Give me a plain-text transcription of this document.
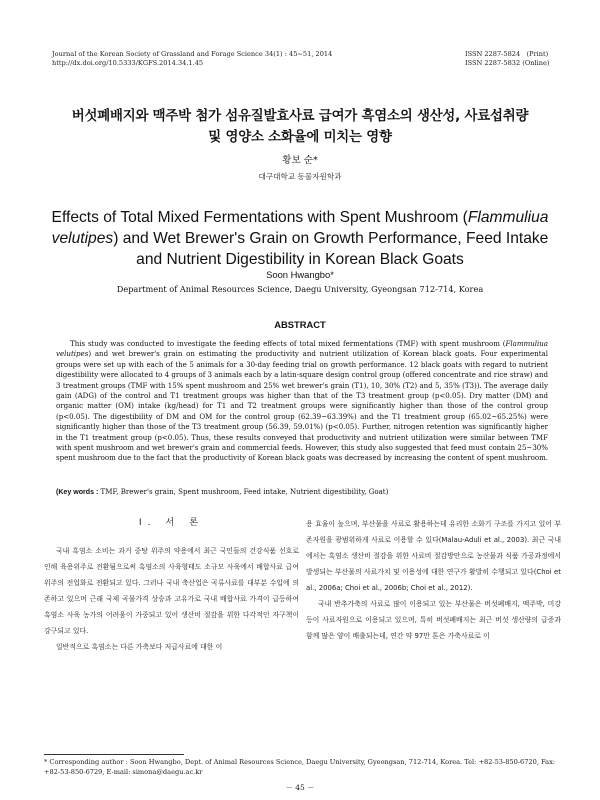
Journal of the Korean Society of Grassland and Forage Science 34(1) : 45~51, 2014
http://dx.doi.org/10.5333/KGFS.2014.34.1.45
ISSN 2287-5824   (Print)
ISSN 2287-5832 (Online)
버섯폐배지와 맥주박 첨가 섬유질발효사료 급여가 흑염소의 생산성, 사료섭취량
및 영양소 소화율에 미치는 영향
황보 순*
대구대학교 동물자원학과
Effects of Total Mixed Fermentations with Spent Mushroom (Flammuliua velutipes) and Wet Brewer's Grain on Growth Performance, Feed Intake and Nutrient Digestibility in Korean Black Goats
Soon Hwangbo*
Department of Animal Resources Science, Daegu University, Gyeongsan 712-714, Korea
ABSTRACT
This study was conducted to investigate the feeding effects of total mixed fermentations (TMF) with spent mushroom (Flammuliua velutipes) and wet brewer's grain on estimating the productivity and nutrient utilization of Korean black goats. Four experimental groups were set up with each of the 5 animals for a 30-day feeding trial on growth performance. 12 black goats with regard to nutrient digestibility were allocated to 4 groups of 3 animals each by a latin-square design control group (offered concentrate and rice straw) and 3 treatment groups (TMF with 15% spent mushroom and 25% wet brewer's grain (T1), 10, 30% (T2) and 5, 35% (T3)). The average daily gain (ADG) of the control and T1 treatment groups was higher than that of the T3 treatment group (p<0.05). Dry matter (DM) and organic matter (OM) intake (kg/head) for T1 and T2 treatment groups were significantly higher than those of the control group (p<0.05). The digestibility of DM and OM for the control group (62.39~63.39%) and the T1 treatment group (65.02~65.25%) were significantly higher than those of the T3 treatment group (56.39, 59.01%) (p<0.05). Further, nitrogen retention was significantly higher in the T1 treatment group (p<0.05). Thus, these results conveyed that productivity and nutrient utilization were similar between TMF with spent mushroom and wet brewer's grain and commercial feeds. However, this study also suggested that feed must contain 25~30% spent mushroom due to the fact that the productivity of Korean black goats was decreased by increasing the content of spent mushroom.
(Key words : TMF, Brewer's grain, Spent mushroom, Feed intake, Nutrient digestibility, Goat)
Ⅰ. 서 론

국내 흑염소 소비는 과거 중탕 위주의 약용에서 최근 국민들의 건강식품 선호로 인해 육용위주로 전환됨으로써 흑염소의 사육형태도 소규모 사육에서 배합사료 급여 위주의 전업화로 전환되고 있다. 그러나 국내 축산업은 곡류사료를 대부분 수입에 의존하고 있으며 근래 국제 곡물가격 상승과 고유가로 국내 배합사료 가격이 급등하여 흑염소 사육 농가의 어려움이 가중되고 있어 생산비 절감을 위한 다각적인 자구책이 강구되고 있다.

일반적으로 흑염소는 다른 가축보다 저급사료에 대한 이

용 효율이 높으며, 부산물을 사료로 활용하는데 유리한 소화기 구조를 가지고 있어 부존자원을 광범위하게 사료로 이용할 수 있다(Malau-Aduli et al., 2003). 최근 국내에서는 흑염소 생산비 절감을 위한 사료비 절감방안으로 농산물과 식품 가공과정에서 발생되는 부산물의 사료가치 및 이용성에 대한 연구가 활발히 수행되고 있다(Choi et al., 2006a; Choi et al., 2006b; Choi et al., 2012).

국내 반추가축의 사료로 많이 이용되고 있는 부산물은 버섯폐배지, 맥주박, 미강 등이 사료자원으로 이용되고 있으며, 특히 버섯폐배지는 최근 버섯 생산량의 급증과 함께 많은 양이 배출되는데, 연간 약 97만 톤은 가축사료로 이

* Corresponding author : Soon Hwangbo, Dept. of Animal Resources Science, Daegu University, Gyeongsan, 712-714, Korea. Tel: +82-53-850-6720, Fax: +82-53-850-6729, E-mail: simona@daegu.ac.kr
－ 45 －
